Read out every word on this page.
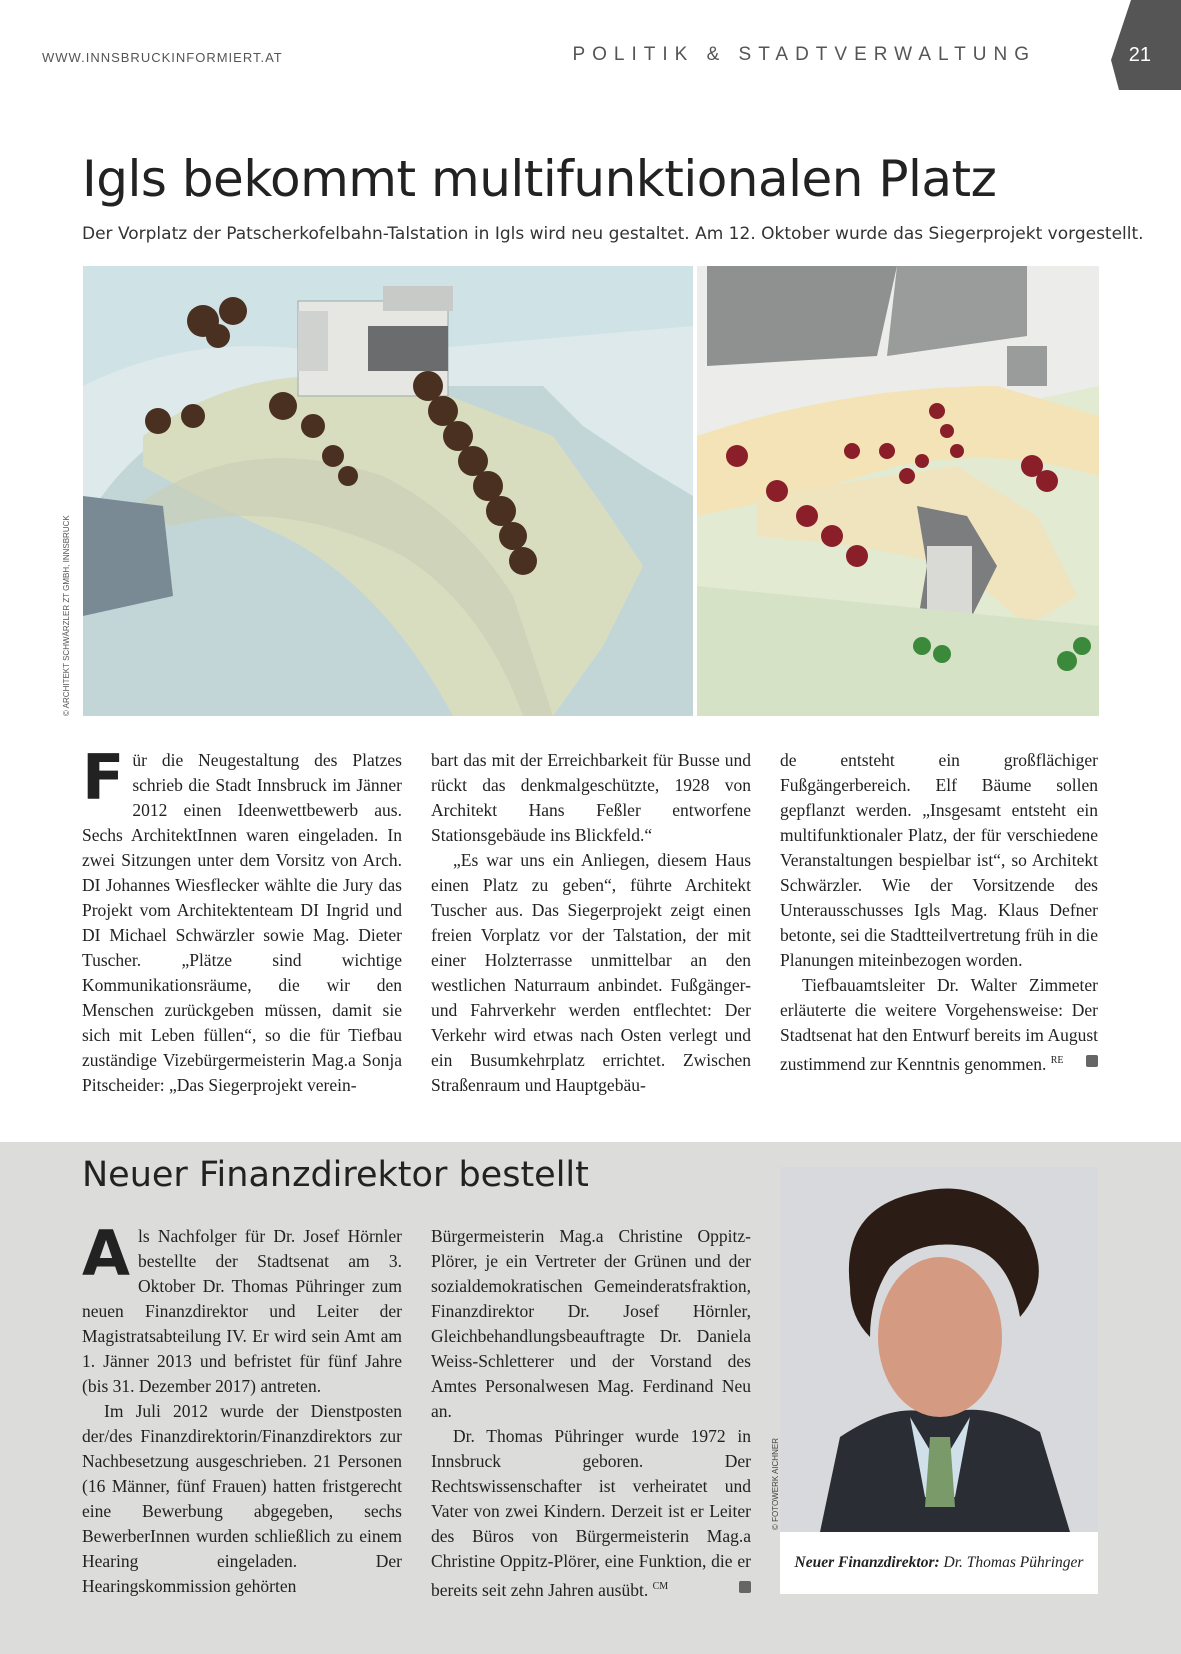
WWW.INNSBRUCKINFORMIERT.AT	POLITIK & STADTVERWALTUNG	21
Igls bekommt multifunktionalen Platz
Der Vorplatz der Patscherkofelbahn-Talstation in Igls wird neu gestaltet. Am 12. Oktober wurde das Siegerprojekt vorgestellt.
© ARCHITEKT SCHWÄRZLER ZT GMBH, INNSBRUCK

Für die Neugestaltung des Platzes schrieb die Stadt Innsbruck im Jänner 2012 einen Ideenwettbewerb aus. Sechs ArchitektInnen waren eingeladen. In zwei Sitzungen unter dem Vorsitz von Arch. DI Johannes Wiesflecker wählte die Jury das Projekt vom Architektenteam DI Ingrid und DI Michael Schwärzler sowie Mag. Dieter Tuscher. „Plätze sind wichtige Kommunikationsräume, die wir den Menschen zurückgeben müssen, damit sie sich mit Leben füllen“, so die für Tiefbau zuständige Vizebürgermeisterin Mag.a Sonja Pitscheider: „Das Siegerprojekt verein-

bart das mit der Erreichbarkeit für Busse und rückt das denkmalgeschützte, 1928 von Architekt Hans Feßler entworfene Stationsgebäude ins Blickfeld.“

„Es war uns ein Anliegen, diesem Haus einen Platz zu geben“, führte Architekt Tuscher aus. Das Siegerprojekt zeigt einen freien Vorplatz vor der Talstation, der mit einer Holzterrasse unmittelbar an den westlichen Naturraum anbindet. Fußgänger- und Fahrverkehr werden entflechtet: Der Verkehr wird etwas nach Osten verlegt und ein Busumkehrplatz errichtet. Zwischen Straßenraum und Hauptgebäu-

de entsteht ein großflächiger Fußgängerbereich. Elf Bäume sollen gepflanzt werden. „Insgesamt entsteht ein multifunktionaler Platz, der für verschiedene Veranstaltungen bespielbar ist“, so Architekt Schwärzler. Wie der Vorsitzende des Unterausschusses Igls Mag. Klaus Defner betonte, sei die Stadtteilvertretung früh in die Planungen miteinbezogen worden.

Tiefbauamtsleiter Dr. Walter Zimmeter erläuterte die weitere Vorgehensweise: Der Stadtsenat hat den Entwurf bereits im August zustimmend zur Kenntnis genommen. $^{RE}$

Neuer Finanzdirektor bestellt

Als Nachfolger für Dr. Josef Hörnler bestellte der Stadtsenat am 3. Oktober Dr. Thomas Pühringer zum neuen Finanzdirektor und Leiter der Magistratsabteilung IV. Er wird sein Amt am 1. Jänner 2013 und befristet für fünf Jahre (bis 31. Dezember 2017) antreten.

Im Juli 2012 wurde der Dienstposten der/des Finanzdirektorin/Finanzdirektors zur Nachbesetzung ausgeschrieben. 21 Personen (16 Männer, fünf Frauen) hatten fristgerecht eine Bewerbung abgegeben, sechs BewerberInnen wurden schließlich zu einem Hearing eingeladen. Der Hearingskommission gehörten

Bürgermeisterin Mag.a Christine Oppitz-Plörer, je ein Vertreter der Grünen und der sozialdemokratischen Gemeinderatsfraktion, Finanzdirektor Dr. Josef Hörnler, Gleichbehandlungsbeauftragte Dr. Daniela Weiss-Schletterer und der Vorstand des Amtes Personalwesen Mag. Ferdinand Neu an.

Dr. Thomas Pühringer wurde 1972 in Innsbruck geboren. Der Rechtswissenschafter ist verheiratet und Vater von zwei Kindern. Derzeit ist er Leiter des Büros von Bürgermeisterin Mag.a Christine Oppitz-Plörer, eine Funktion, die er bereits seit zehn Jahren ausübt. $^{CM}$

Neuer Finanzdirektor: Dr. Thomas Pühringer
© FOTOWERK AICHNER
